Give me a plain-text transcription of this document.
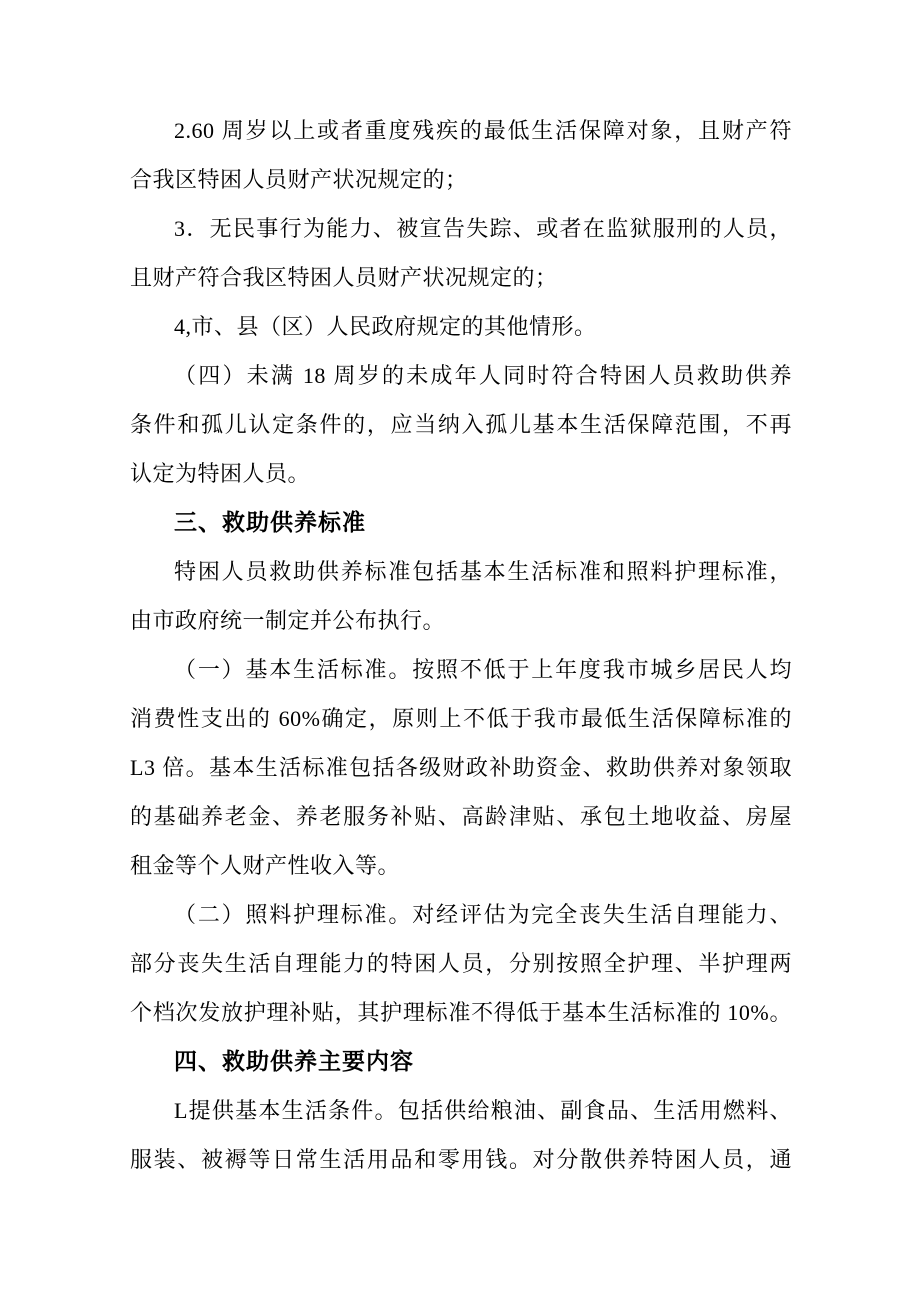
2.60 周岁以上或者重度残疾的最低生活保障对象，且财产符
合我区特困人员财产状况规定的；
3．无民事行为能力、被宣告失踪、或者在监狱服刑的人员，
且财产符合我区特困人员财产状况规定的；
4,市、县（区）人民政府规定的其他情形。
（四）未满 18 周岁的未成年人同时符合特困人员救助供养
条件和孤儿认定条件的，应当纳入孤儿基本生活保障范围，不再
认定为特困人员。
三、救助供养标准
特困人员救助供养标准包括基本生活标准和照料护理标准，
由市政府统一制定并公布执行。
（一）基本生活标准。按照不低于上年度我市城乡居民人均
消费性支出的 60%确定，原则上不低于我市最低生活保障标准的
L3 倍。基本生活标准包括各级财政补助资金、救助供养对象领取
的基础养老金、养老服务补贴、高龄津贴、承包土地收益、房屋
租金等个人财产性收入等。
（二）照料护理标准。对经评估为完全丧失生活自理能力、
部分丧失生活自理能力的特困人员，分别按照全护理、半护理两
个档次发放护理补贴，其护理标准不得低于基本生活标准的 10%。
四、救助供养主要内容
L提供基本生活条件。包括供给粮油、副食品、生活用燃料、
服装、被褥等日常生活用品和零用钱。对分散供养特困人员，通
